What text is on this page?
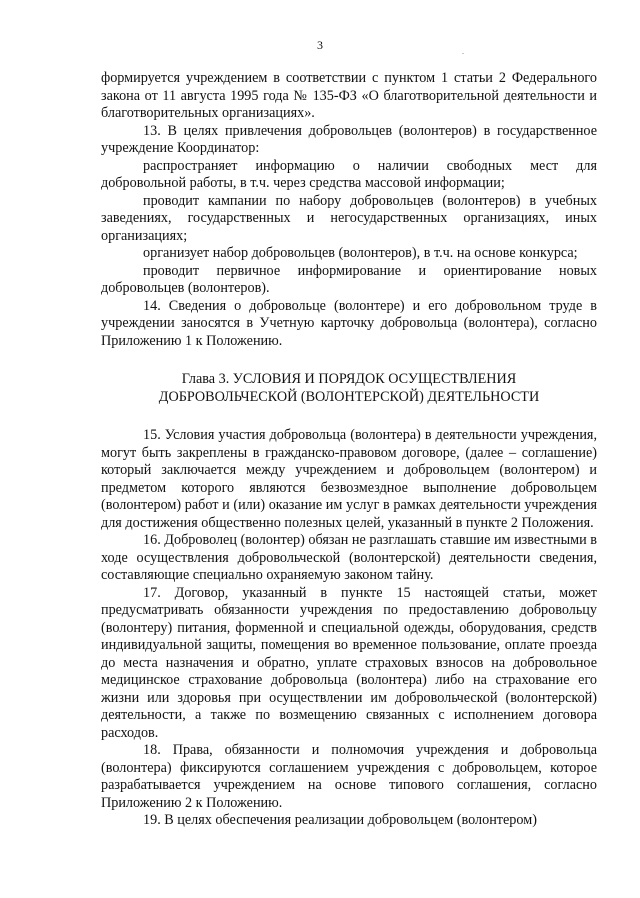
3	.

формируется учреждением в соответствии с пунктом 1 статьи 2 Федерального закона от 11 августа 1995 года № 135-ФЗ «О благотворительной деятельности и благотворительных организациях».

13. В целях привлечения добровольцев (волонтеров) в государственное учреждение Координатор:

распространяет информацию о наличии свободных мест для добровольной работы, в т.ч. через средства массовой информации;

проводит кампании по набору добровольцев (волонтеров) в учебных заведениях, государственных и негосударственных организациях, иных организациях;

организует набор добровольцев (волонтеров), в т.ч. на основе конкурса;

проводит первичное информирование и ориентирование новых добровольцев (волонтеров).

14. Сведения о добровольце (волонтере) и его добровольном труде в учреждении заносятся в Учетную карточку добровольца (волонтера), согласно Приложению 1 к Положению.

Глава 3. УСЛОВИЯ И ПОРЯДОК ОСУЩЕСТВЛЕНИЯ ДОБРОВОЛЬЧЕСКОЙ (ВОЛОНТЕРСКОЙ) ДЕЯТЕЛЬНОСТИ

15. Условия участия добровольца (волонтера) в деятельности учреждения, могут быть закреплены в гражданско-правовом договоре, (далее – соглашение) который заключается между учреждением и добровольцем (волонтером) и предметом которого являются безвозмездное выполнение добровольцем (волонтером) работ и (или) оказание им услуг в рамках деятельности учреждения для достижения общественно полезных целей, указанный в пункте 2 Положения.

16. Доброволец (волонтер) обязан не разглашать ставшие им известными в ходе осуществления добровольческой (волонтерской) деятельности сведения, составляющие специально охраняемую законом тайну.

17. Договор, указанный в пункте 15 настоящей статьи, может предусматривать обязанности учреждения по предоставлению добровольцу (волонтеру) питания, форменной и специальной одежды, оборудования, средств индивидуальной защиты, помещения во временное пользование, оплате проезда до места назначения и обратно, уплате страховых взносов на добровольное медицинское страхование добровольца (волонтера) либо на страхование его жизни или здоровья при осуществлении им добровольческой (волонтерской) деятельности, а также по возмещению связанных с исполнением договора расходов.

18. Права, обязанности и полномочия учреждения и добровольца (волонтера) фиксируются соглашением учреждения с добровольцем, которое разрабатывается учреждением на основе типового соглашения, согласно Приложению 2 к Положению.

19. В целях обеспечения реализации добровольцем (волонтером)
